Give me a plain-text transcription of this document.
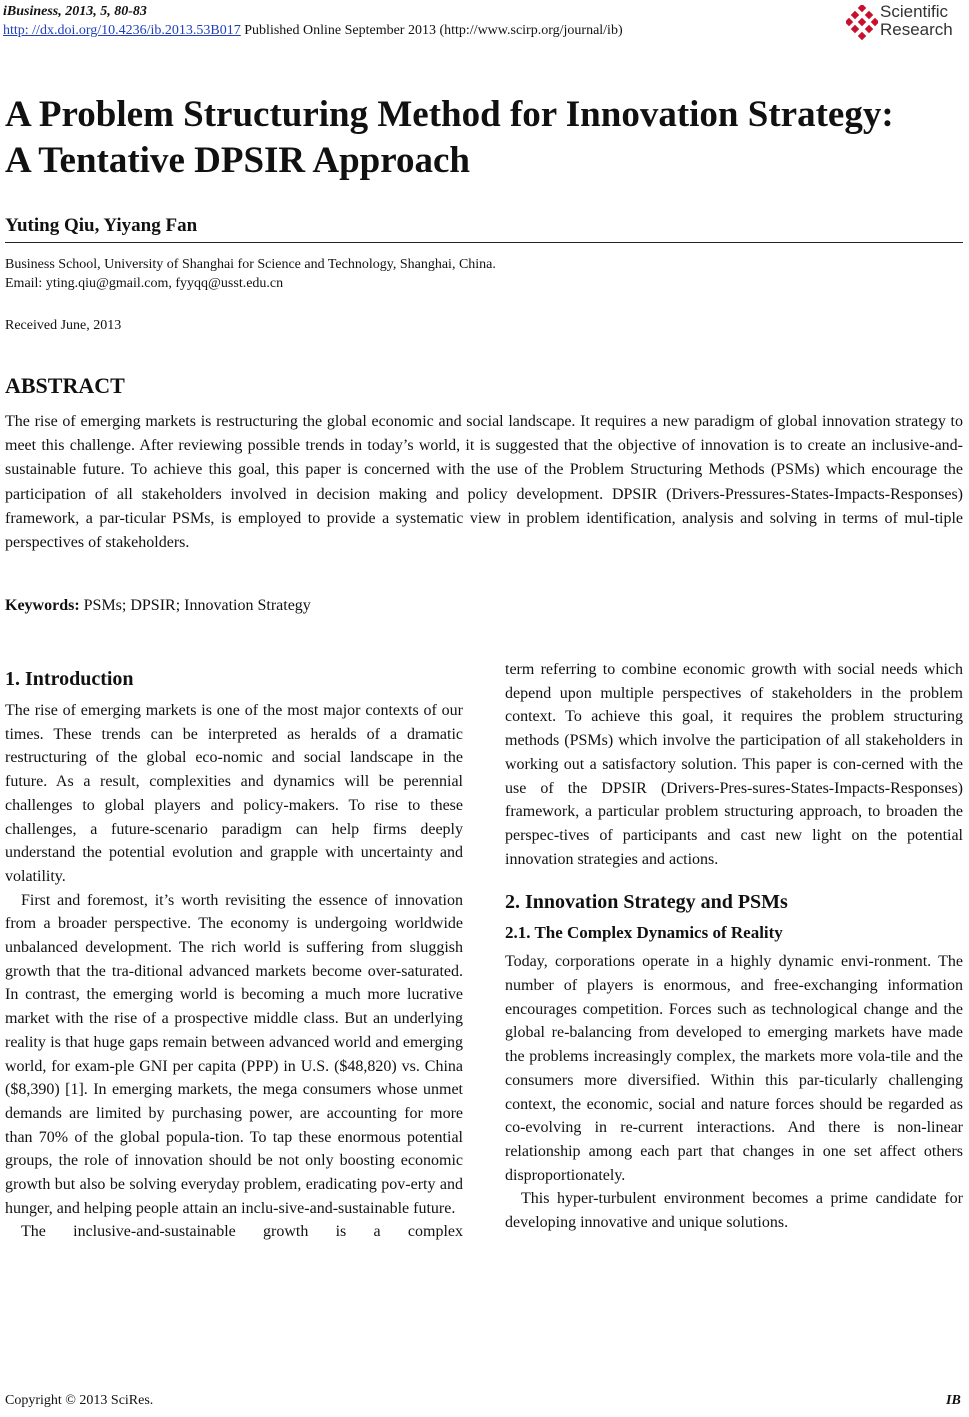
iBusiness, 2013, 5, 80-83
http: //dx.doi.org/10.4236/ib.2013.53B017 Published Online September 2013 (http://www.scirp.org/journal/ib)
Scientific
Research
A Problem Structuring Method for Innovation Strategy:
A Tentative DPSIR Approach
Yuting Qiu, Yiyang Fan
Business School, University of Shanghai for Science and Technology, Shanghai, China.
Email: yting.qiu@gmail.com, fyyqq@usst.edu.cn
Received June, 2013
ABSTRACT
The rise of emerging markets is restructuring the global economic and social landscape. It requires a new paradigm of global innovation strategy to meet this challenge. After reviewing possible trends in today’s world, it is suggested that the objective of innovation is to create an inclusive-and-sustainable future. To achieve this goal, this paper is concerned with the use of the Problem Structuring Methods (PSMs) which encourage the participation of all stakeholders involved in decision making and policy development. DPSIR (Drivers-Pressures-States-Impacts-Responses) framework, a par-ticular PSMs, is employed to provide a systematic view in problem identification, analysis and solving in terms of mul-tiple perspectives of stakeholders.
Keywords: PSMs; DPSIR; Innovation Strategy
1. Introduction

The rise of emerging markets is one of the most major contexts of our times. These trends can be interpreted as heralds of a dramatic restructuring of the global eco-nomic and social landscape in the future. As a result, complexities and dynamics will be perennial challenges to global players and policy-makers. To rise to these challenges, a future-scenario paradigm can help firms deeply understand the potential evolution and grapple with uncertainty and volatility.

First and foremost, it’s worth revisiting the essence of innovation from a broader perspective. The economy is undergoing worldwide unbalanced development. The rich world is suffering from sluggish growth that the tra-ditional advanced markets become over-saturated. In contrast, the emerging world is becoming a much more lucrative market with the rise of a prospective middle class. But an underlying reality is that huge gaps remain between advanced world and emerging world, for exam-ple GNI per capita (PPP) in U.S. ($48,820) vs. China ($8,390) [1]. In emerging markets, the mega consumers whose unmet demands are limited by purchasing power, are accounting for more than 70% of the global popula-tion. To tap these enormous potential groups, the role of innovation should be not only boosting economic growth but also be solving everyday problem, eradicating pov-erty and hunger, and helping people attain an inclu-sive-and-sustainable future.

The inclusive-and-sustainable growth is a complex

term referring to combine economic growth with social needs which depend upon multiple perspectives of stakeholders in the problem context. To achieve this goal, it requires the problem structuring methods (PSMs) which involve the participation of all stakeholders in working out a satisfactory solution. This paper is con-cerned with the use of the DPSIR (Drivers-Pres-sures-States-Impacts-Responses) framework, a particular problem structuring approach, to broaden the perspec-tives of participants and cast new light on the potential innovation strategies and actions.

2. Innovation Strategy and PSMs
2.1. The Complex Dynamics of Reality

Today, corporations operate in a highly dynamic envi-ronment. The number of players is enormous, and free-exchanging information encourages competition. Forces such as technological change and the global re-balancing from developed to emerging markets have made the problems increasingly complex, the markets more vola-tile and the consumers more diversified. Within this par-ticularly challenging context, the economic, social and nature forces should be regarded as co-evolving in re-current interactions. And there is non-linear relationship among each part that changes in one set affect others disproportionately.

This hyper-turbulent environment becomes a prime candidate for developing innovative and unique solutions.

Copyright © 2013 SciRes.	IB
